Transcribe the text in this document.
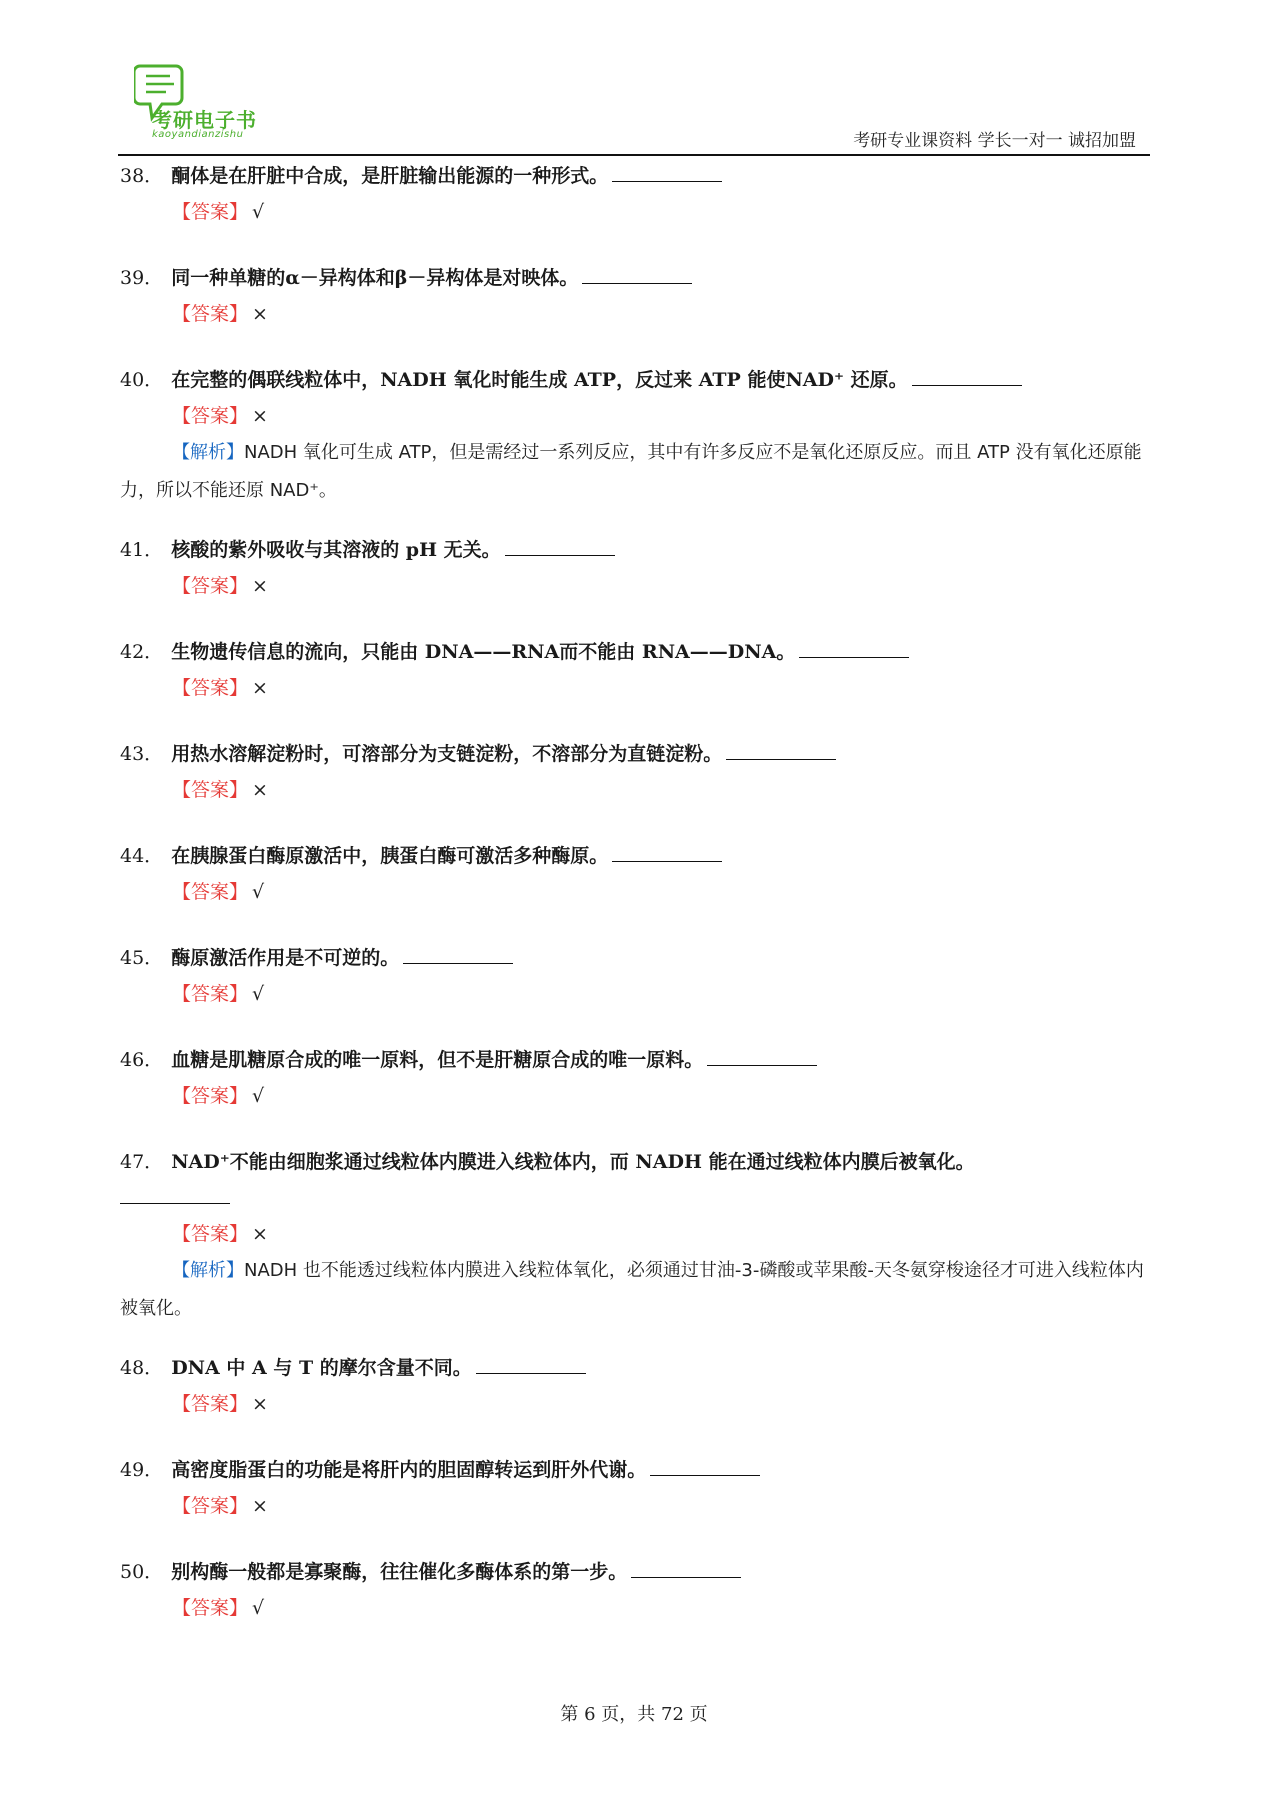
考研电子书
kaoyandianzishu	考研专业课资料 学长一对一 诚招加盟
38． 酮体是在肝脏中合成，是肝脏输出能源的一种形式。
【答案】 √
39． 同一种单糖的α－异构体和β－异构体是对映体。
【答案】 ×
40． 在完整的偶联线粒体中，NADH 氧化时能生成 ATP，反过来 ATP 能使NAD⁺ 还原。
【答案】 ×
【解析】NADH 氧化可生成 ATP，但是需经过一系列反应，其中有许多反应不是氧化还原反应。而且 ATP 没有氧化还原能力，所以不能还原 NAD⁺。
41． 核酸的紫外吸收与其溶液的 pH 无关。
【答案】 ×
42． 生物遗传信息的流向，只能由 DNA——RNA而不能由 RNA——DNA。
【答案】 ×
43． 用热水溶解淀粉时，可溶部分为支链淀粉，不溶部分为直链淀粉。
【答案】 ×
44． 在胰腺蛋白酶原激活中，胰蛋白酶可激活多种酶原。
【答案】 √
45． 酶原激活作用是不可逆的。
【答案】 √
46． 血糖是肌糖原合成的唯一原料，但不是肝糖原合成的唯一原料。
【答案】 √
47． NAD⁺不能由细胞浆通过线粒体内膜进入线粒体内，而 NADH 能在通过线粒体内膜后被氧化。

【答案】 ×
【解析】NADH 也不能透过线粒体内膜进入线粒体氧化，必须通过甘油-3-磷酸或苹果酸-天冬氨穿梭途径才可进入线粒体内被氧化。
48． DNA 中 A 与 T 的摩尔含量不同。
【答案】 ×
49． 高密度脂蛋白的功能是将肝内的胆固醇转运到肝外代谢。
【答案】 ×
50． 别构酶一般都是寡聚酶，往往催化多酶体系的第一步。
【答案】 √
第 6 页，共 72 页
